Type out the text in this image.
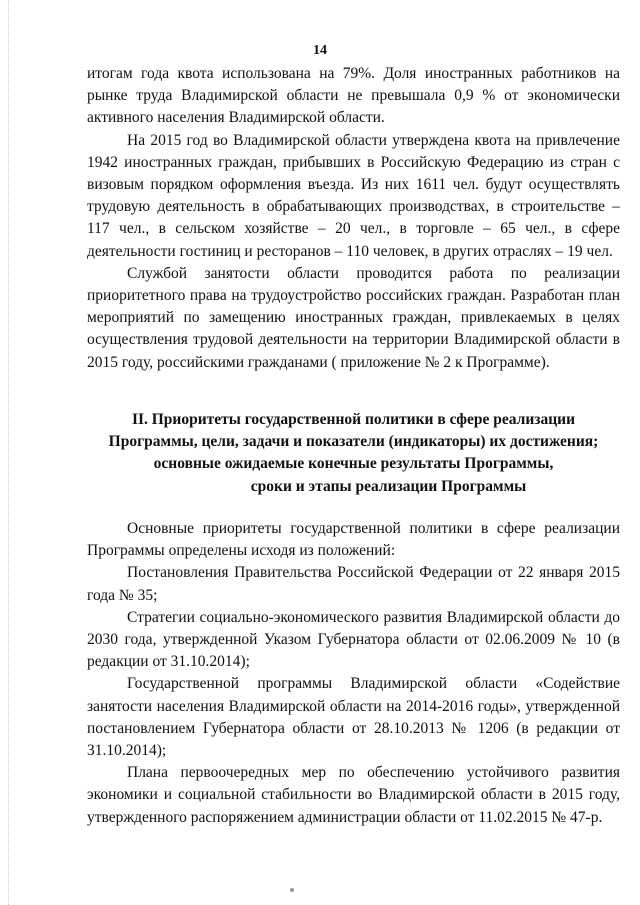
14

итогам года квота использована на 79%. Доля иностранных работников на рынке труда Владимирской области не превышала 0,9 % от экономически активного населения Владимирской области.

На 2015 год во Владимирской области утверждена квота на привлечение 1942 иностранных граждан, прибывших в Российскую Федерацию из стран с визовым порядком оформления въезда. Из них 1611 чел. будут осуществлять трудовую деятельность в обрабатывающих производствах, в строительстве – 117 чел., в сельском хозяйстве – 20 чел., в торговле – 65 чел., в сфере деятельности гостиниц и ресторанов – 110 человек, в других отраслях – 19 чел.

Службой занятости области проводится работа по реализации приоритетного права на трудоустройство российских граждан. Разработан план мероприятий по замещению иностранных граждан, привлекаемых в целях осуществления трудовой деятельности на территории Владимирской области в 2015 году, российскими гражданами ( приложение № 2 к Программе).

II. Приоритеты государственной политики в сфере реализации
Программы, цели, задачи и показатели (индикаторы) их достижения;
основные ожидаемые конечные результаты Программы,
сроки и этапы реализации Программы

Основные приоритеты государственной политики в сфере реализации Программы определены исходя из положений:

Постановления Правительства Российской Федерации от 22 января 2015 года № 35;

Стратегии социально-экономического развития Владимирской области до 2030 года, утвержденной Указом Губернатора области от 02.06.2009 № 10 (в редакции от 31.10.2014);

Государственной программы Владимирской области «Содействие занятости населения Владимирской области на 2014-2016 годы», утвержденной постановлением Губернатора области от 28.10.2013 № 1206 (в редакции от 31.10.2014);

Плана первоочередных мер по обеспечению устойчивого развития экономики и социальной стабильности во Владимирской области в 2015 году, утвержденного распоряжением администрации области от 11.02.2015 № 47-р.
